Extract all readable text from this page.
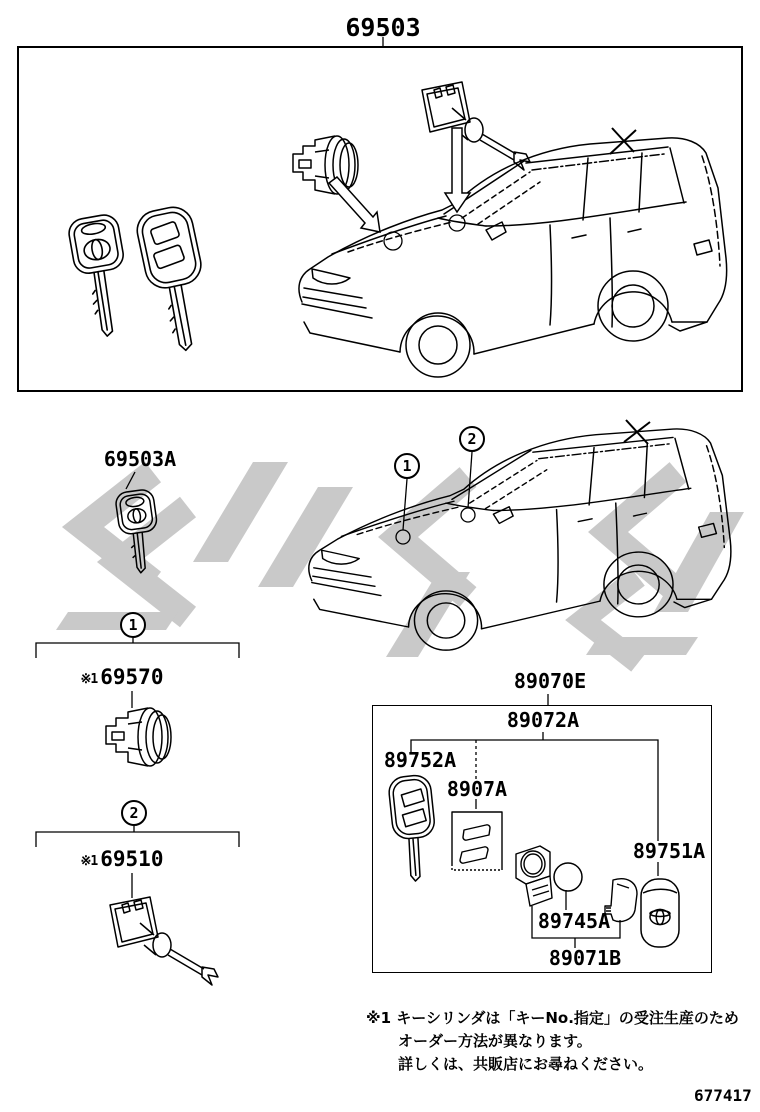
69503
69503A
※1 69570
※1 69510
89070E
89072A
89752A
8907A
89751A
89745A
89071B
1
2
1
2
※1 キーシリンダは「キーNo.指定」の受注生産のため
オーダー方法が異なります。
詳しくは、共販店にお尋ねください。
677417
